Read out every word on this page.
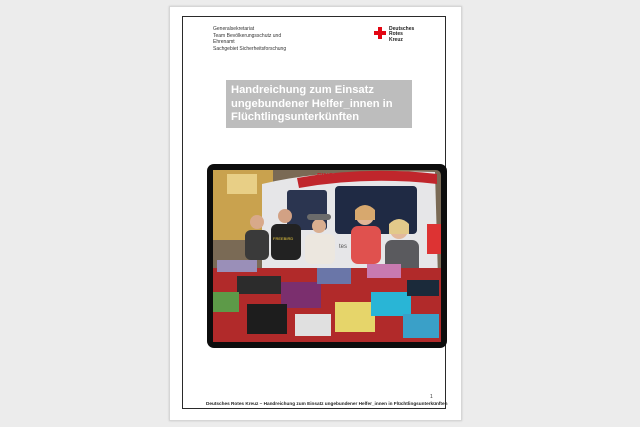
Generalsekretariat
Team Bevölkerungsschutz und
Ehrenamt
Sachgebiet Sicherheitsforschung
Deutsches
Rotes
Kreuz
Handreichung zum Einsatz
ungebundener Helfer_innen in
Flüchtlingsunterkünften
EINSATZ
tes
FREEBIRD
1
Deutsches Rotes Kreuz – Handreichung zum Einsatz ungebundener Helfer_innen in Flüchtlingsunterkünften
